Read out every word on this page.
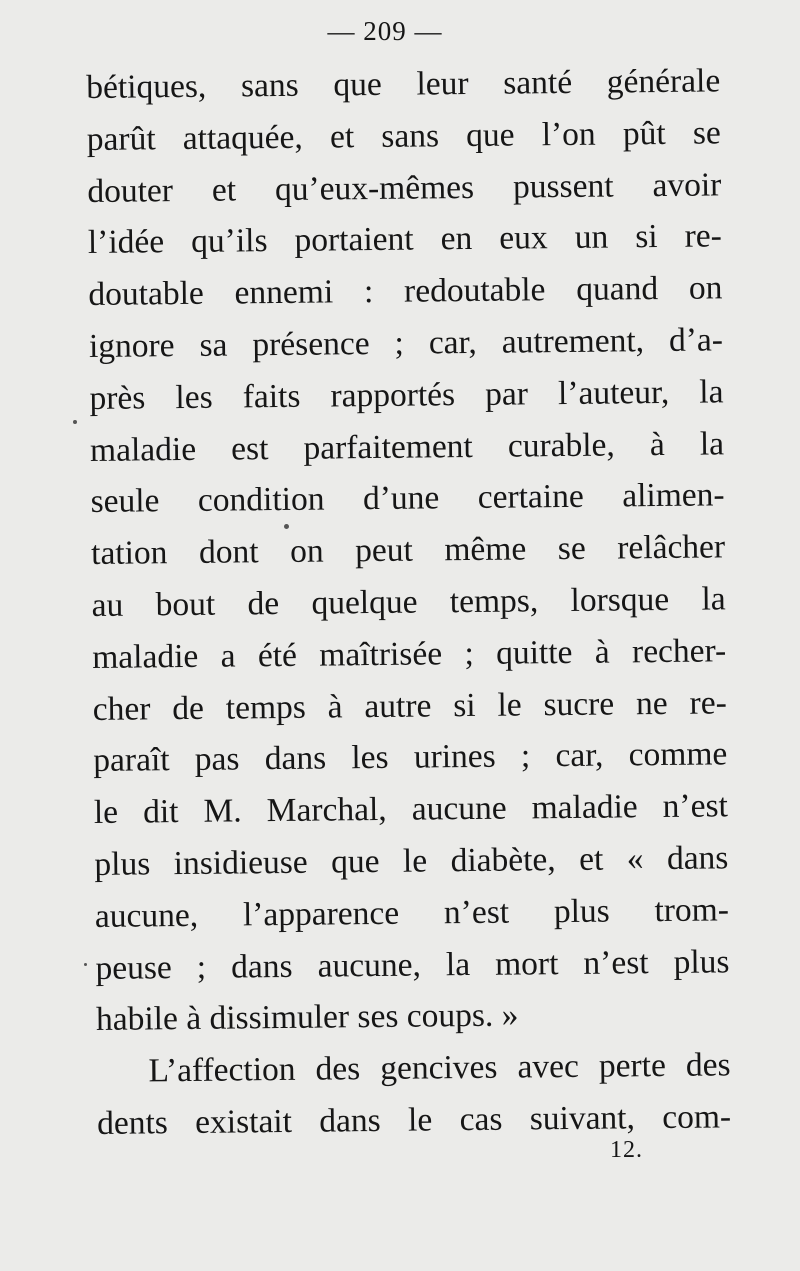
— 209 —
bétiques, sans que leur santé générale
parût attaquée, et sans que l’on pût se
douter et qu’eux-mêmes pussent avoir
l’idée qu’ils portaient en eux un si re-
doutable ennemi : redoutable quand on
ignore sa présence ; car, autrement, d’a-
près les faits rapportés par l’auteur, la
maladie est parfaitement curable, à la
seule condition d’une certaine alimen-
tation dont on peut même se relâcher
au bout de quelque temps, lorsque la
maladie a été maîtrisée ; quitte à recher-
cher de temps à autre si le sucre ne re-
paraît pas dans les urines ; car, comme
le dit M. Marchal, aucune maladie n’est
plus insidieuse que le diabète, et « dans
aucune, l’apparence n’est plus trom-
peuse ; dans aucune, la mort n’est plus
habile à dissimuler ses coups. »
L’affection des gencives avec perte des
dents existait dans le cas suivant, com-
12.
